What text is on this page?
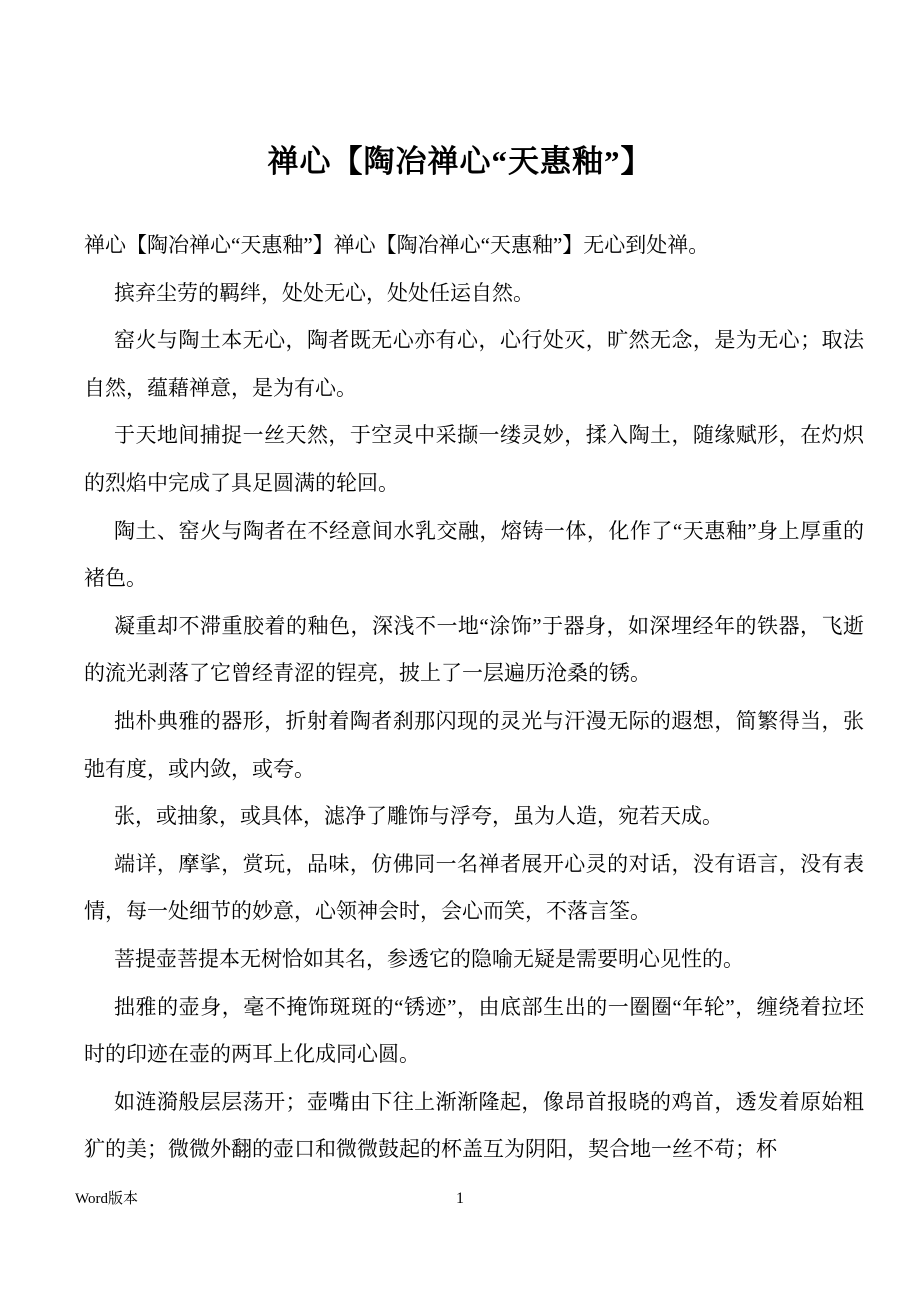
禅心【陶冶禅心“天惠釉”】

禅心【陶冶禅心“天惠釉”】禅心【陶冶禅心“天惠釉”】无心到处禅。

摈弃尘劳的羁绊，处处无心，处处任运自然。

窑火与陶土本无心，陶者既无心亦有心，心行处灭，旷然无念，是为无心；取法自然，蕴藉禅意，是为有心。

于天地间捕捉一丝天然，于空灵中采撷一缕灵妙，揉入陶土，随缘赋形，在灼炽的烈焰中完成了具足圆满的轮回。

陶土、窑火与陶者在不经意间水乳交融，熔铸一体，化作了“天惠釉”身上厚重的褚色。

凝重却不滞重胶着的釉色，深浅不一地“涂饰”于器身，如深埋经年的铁器，飞逝的流光剥落了它曾经青涩的锃亮，披上了一层遍历沧桑的锈。

拙朴典雅的器形，折射着陶者刹那闪现的灵光与汗漫无际的遐想，简繁得当，张弛有度，或内敛，或夸。

张，或抽象，或具体，滤净了雕饰与浮夸，虽为人造，宛若天成。

端详，摩挲，赏玩，品味，仿佛同一名禅者展开心灵的对话，没有语言，没有表情，每一处细节的妙意，心领神会时，会心而笑，不落言筌。

菩提壶菩提本无树恰如其名，参透它的隐喻无疑是需要明心见性的。

拙雅的壶身，毫不掩饰斑斑的“锈迹”，由底部生出的一圈圈“年轮”，缠绕着拉坯时的印迹在壶的两耳上化成同心圆。

如涟漪般层层荡开；壶嘴由下往上渐渐隆起，像昂首报晓的鸡首，透发着原始粗犷的美；微微外翻的壶口和微微鼓起的杯盖互为阴阳，契合地一丝不苟；杯

Word版本	1
